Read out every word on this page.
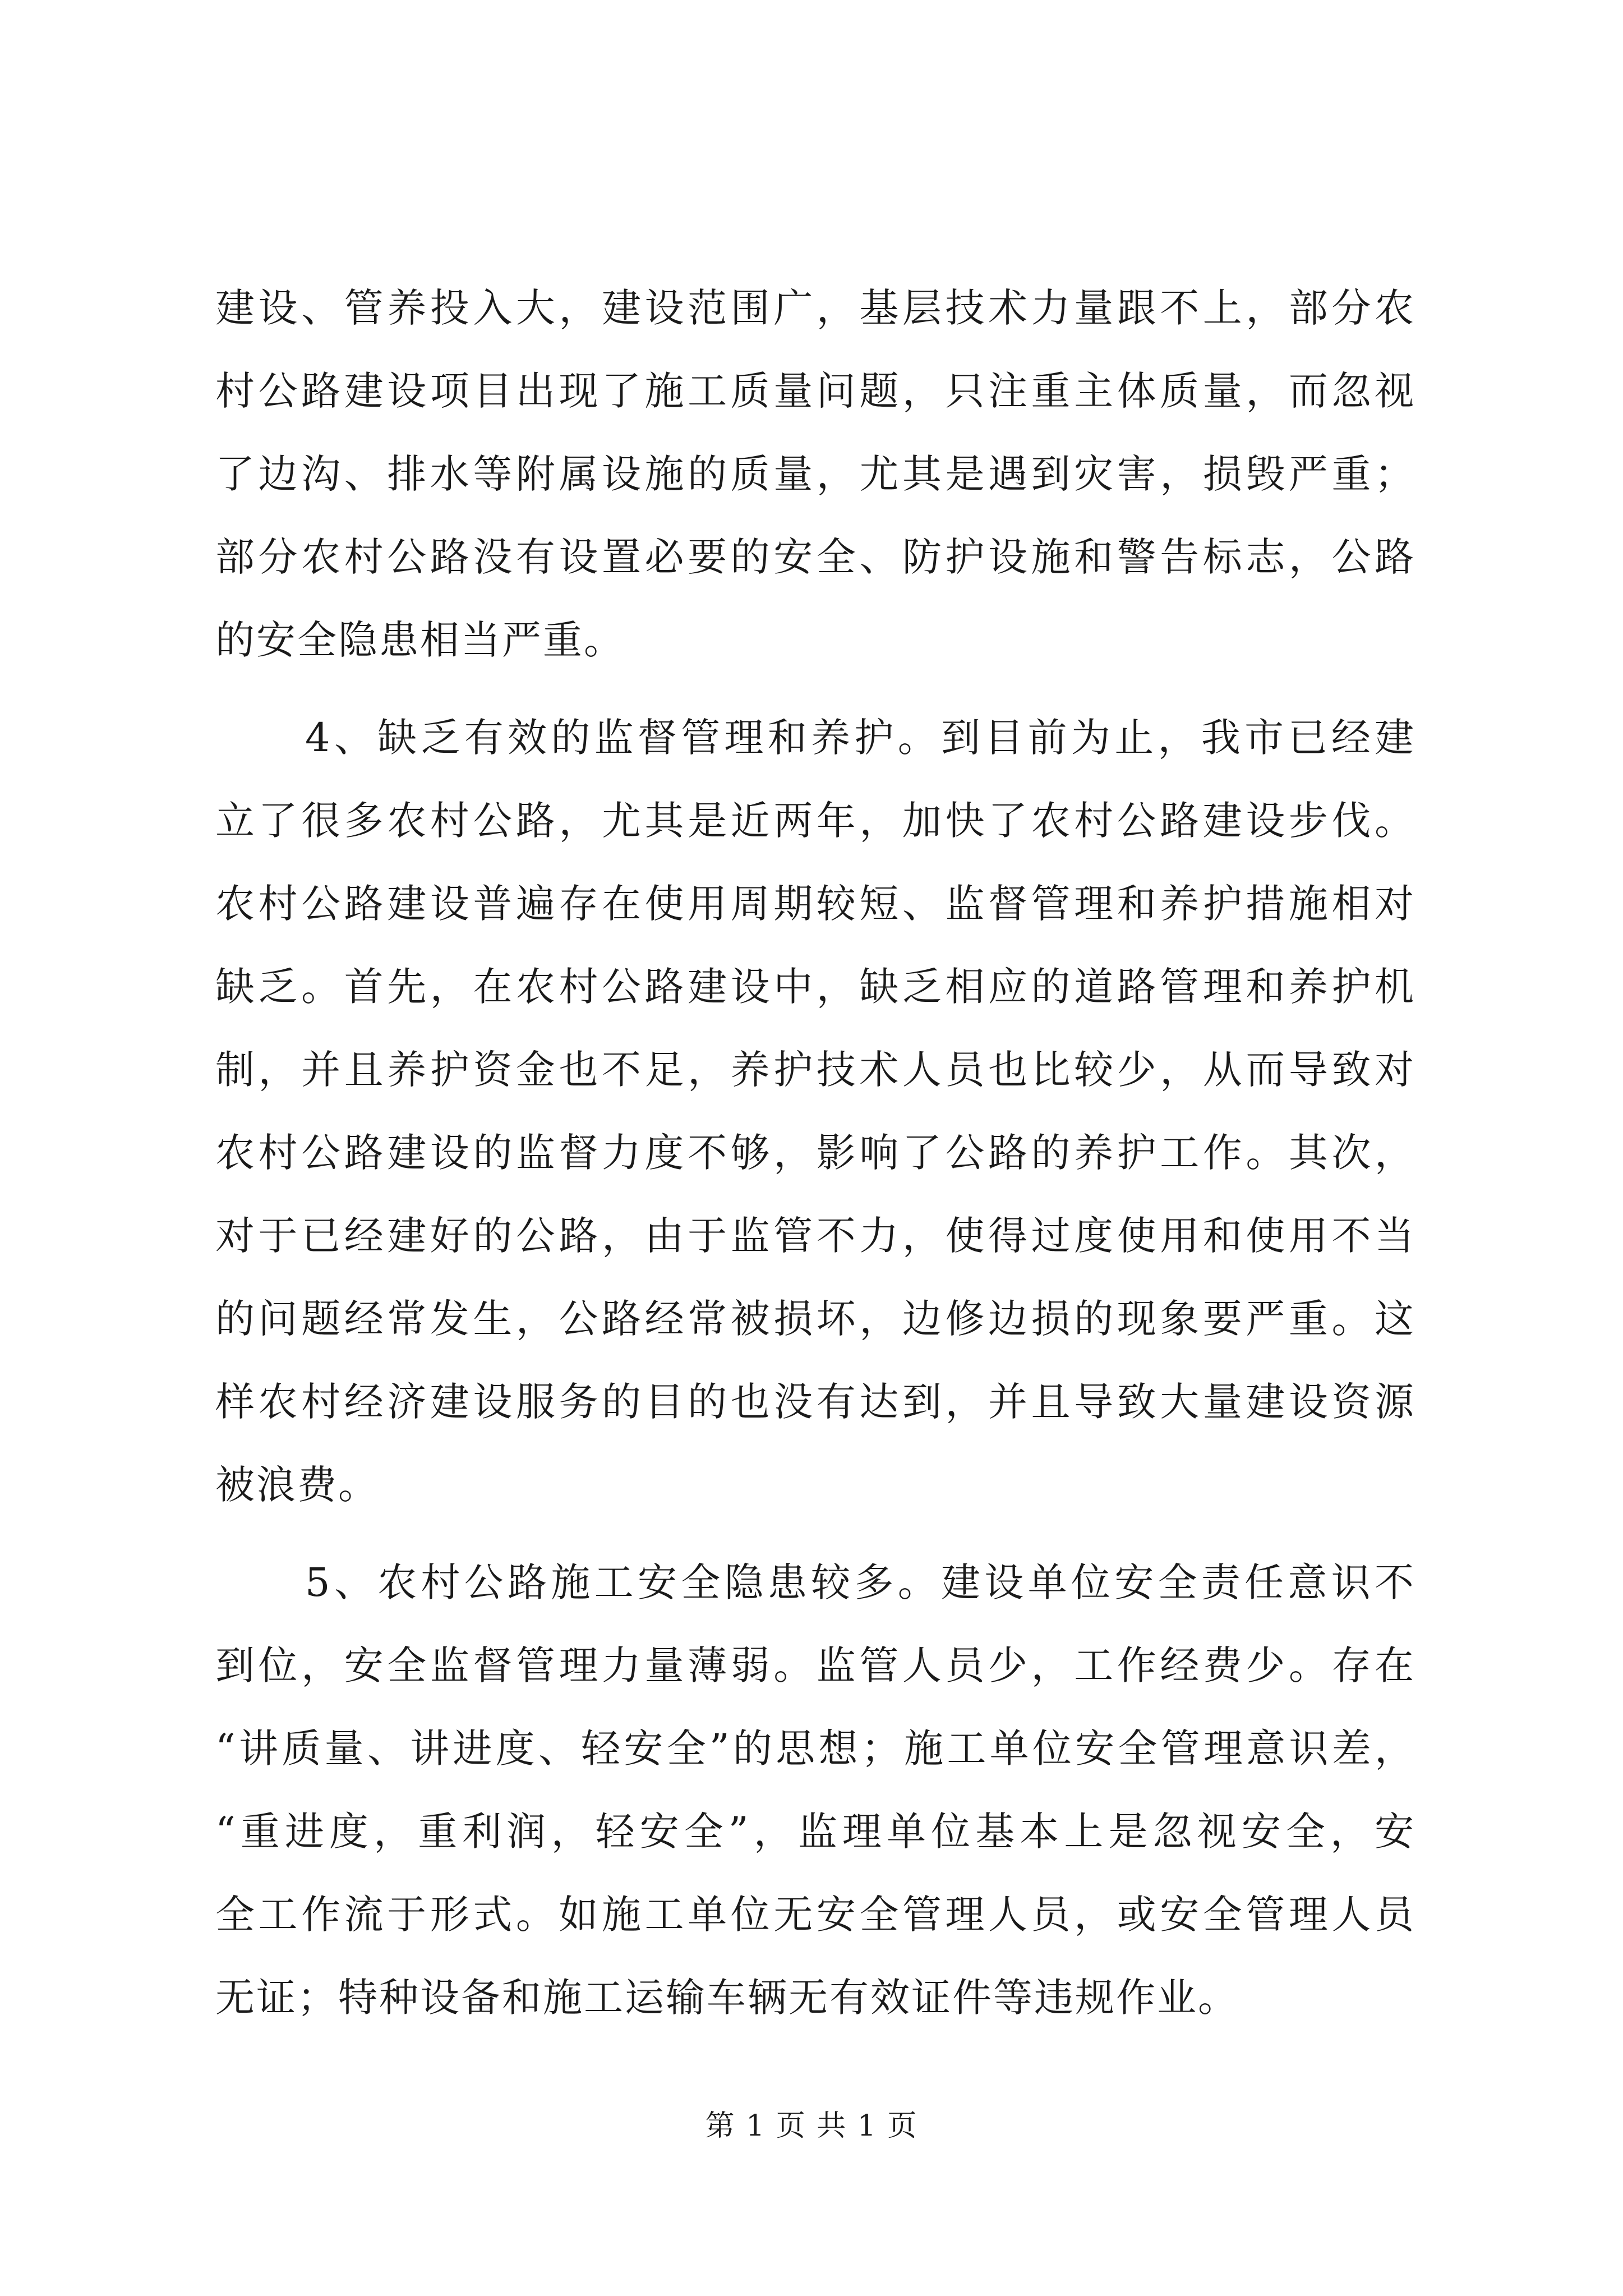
建设、管养投入大，建设范围广，基层技术力量跟不上，部分农
村公路建设项目出现了施工质量问题，只注重主体质量，而忽视
了边沟、排水等附属设施的质量，尤其是遇到灾害，损毁严重；
部分农村公路没有设置必要的安全、防护设施和警告标志，公路
的安全隐患相当严重。
4、缺乏有效的监督管理和养护。到目前为止，我市已经建
立了很多农村公路，尤其是近两年，加快了农村公路建设步伐。
农村公路建设普遍存在使用周期较短、监督管理和养护措施相对
缺乏。首先，在农村公路建设中，缺乏相应的道路管理和养护机
制，并且养护资金也不足，养护技术人员也比较少，从而导致对
农村公路建设的监督力度不够，影响了公路的养护工作。其次，
对于已经建好的公路，由于监管不力，使得过度使用和使用不当
的问题经常发生，公路经常被损坏，边修边损的现象要严重。这
样农村经济建设服务的目的也没有达到，并且导致大量建设资源
被浪费。
5、农村公路施工安全隐患较多。建设单位安全责任意识不
到位，安全监督管理力量薄弱。监管人员少，工作经费少。存在
“讲质量、讲进度、轻安全”的思想；施工单位安全管理意识差，
“重进度，重利润，轻安全”，监理单位基本上是忽视安全，安
全工作流于形式。如施工单位无安全管理人员，或安全管理人员
无证；特种设备和施工运输车辆无有效证件等违规作业。
第 1 页 共 1 页
